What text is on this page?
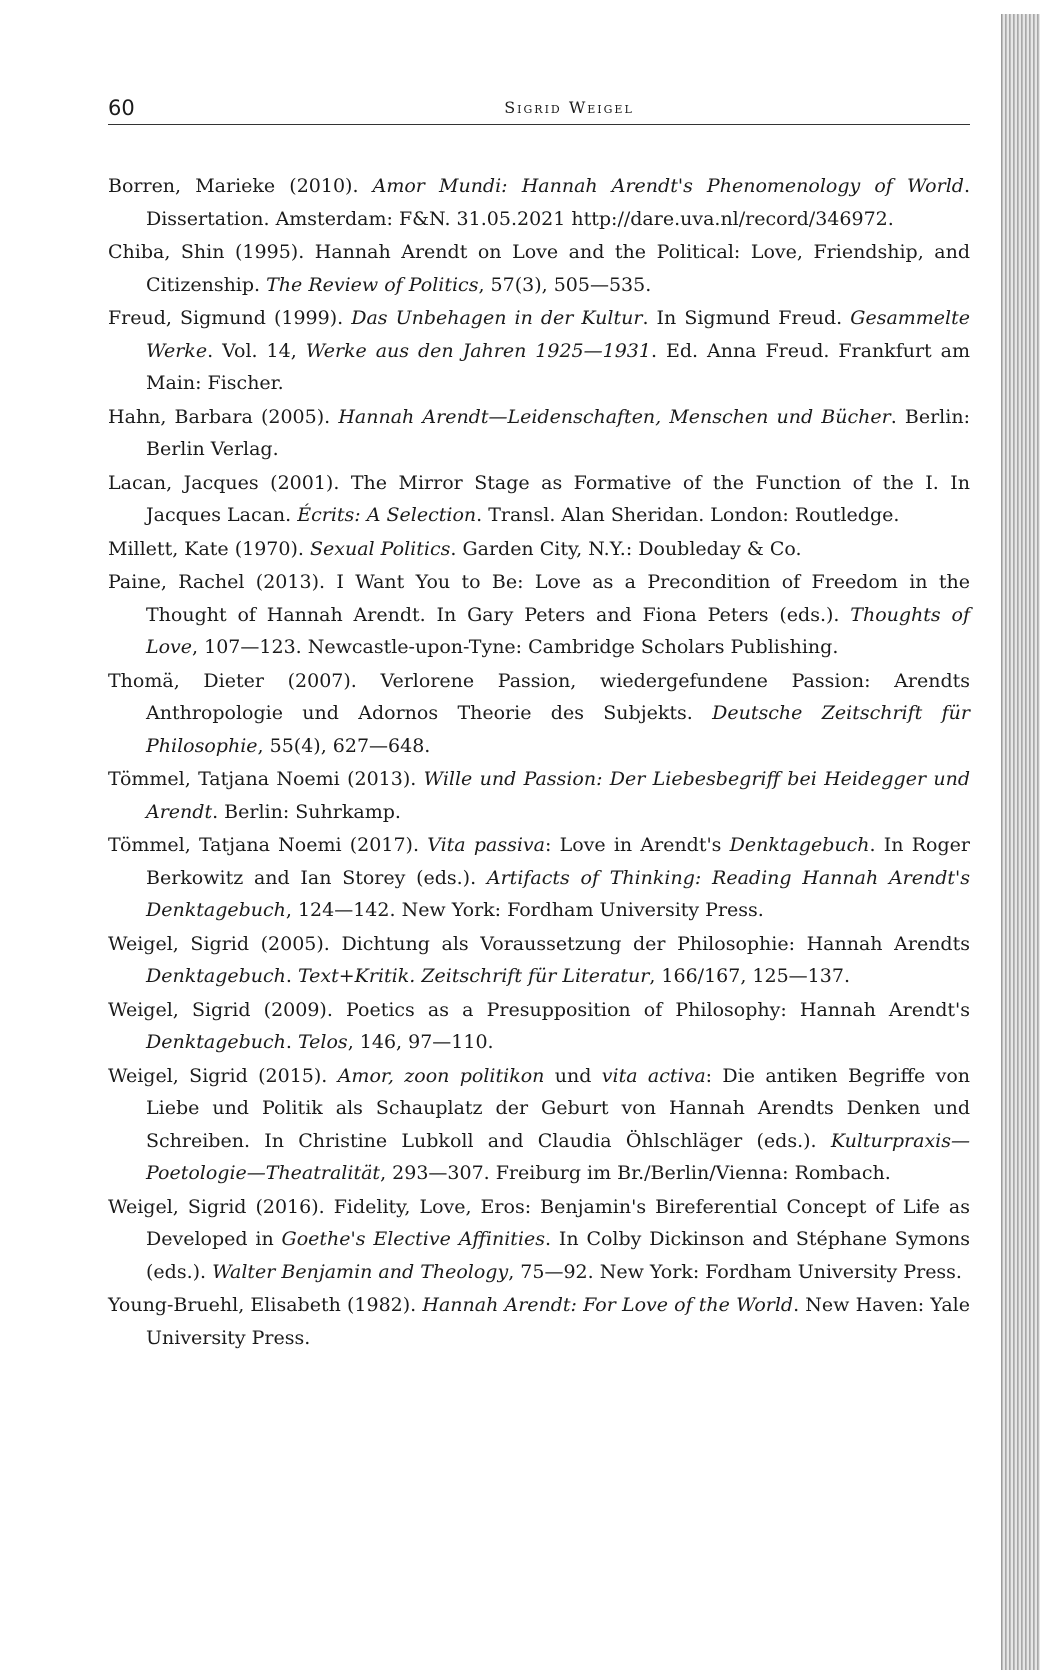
60	Sigrid Weigel

Borren, Marieke (2010). Amor Mundi: Hannah Arendt's Phenomenology of World. Dissertation. Amsterdam: F&N. 31.05.2021 http://dare.uva.nl/record/346972.

Chiba, Shin (1995). Hannah Arendt on Love and the Political: Love, Friendship, and Citizenship. The Review of Politics, 57(3), 505—535.

Freud, Sigmund (1999). Das Unbehagen in der Kultur. In Sigmund Freud. Gesammelte Werke. Vol. 14, Werke aus den Jahren 1925—1931. Ed. Anna Freud. Frankfurt am Main: Fischer.

Hahn, Barbara (2005). Hannah Arendt—Leidenschaften, Menschen und Bücher. Berlin: Berlin Verlag.

Lacan, Jacques (2001). The Mirror Stage as Formative of the Function of the I. In Jacques Lacan. Écrits: A Selection. Transl. Alan Sheridan. London: Routledge.

Millett, Kate (1970). Sexual Politics. Garden City, N.Y.: Doubleday & Co.

Paine, Rachel (2013). I Want You to Be: Love as a Precondition of Freedom in the Thought of Hannah Arendt. In Gary Peters and Fiona Peters (eds.). Thoughts of Love, 107—123. Newcastle-upon-Tyne: Cambridge Scholars Publishing.

Thomä, Dieter (2007). Verlorene Passion, wiedergefundene Passion: Arendts Anthropologie und Adornos Theorie des Subjekts. Deutsche Zeitschrift für Philosophie, 55(4), 627—648.

Tömmel, Tatjana Noemi (2013). Wille und Passion: Der Liebesbegriff bei Heidegger und Arendt. Berlin: Suhrkamp.

Tömmel, Tatjana Noemi (2017). Vita passiva: Love in Arendt's Denktagebuch. In Roger Berkowitz and Ian Storey (eds.). Artifacts of Thinking: Reading Hannah Arendt's Denktagebuch, 124—142. New York: Fordham University Press.

Weigel, Sigrid (2005). Dichtung als Voraussetzung der Philosophie: Hannah Arendts Denktagebuch. Text+Kritik. Zeitschrift für Literatur, 166/167, 125—137.

Weigel, Sigrid (2009). Poetics as a Presupposition of Philosophy: Hannah Arendt's Denktagebuch. Telos, 146, 97—110.

Weigel, Sigrid (2015). Amor, zoon politikon und vita activa: Die antiken Begriffe von Liebe und Politik als Schauplatz der Geburt von Hannah Arendts Denken und Schreiben. In Christine Lubkoll and Claudia Öhlschläger (eds.). Kulturpraxis—Poetologie—Theatralität, 293—307. Freiburg im Br./Berlin/Vienna: Rombach.

Weigel, Sigrid (2016). Fidelity, Love, Eros: Benjamin's Bireferential Concept of Life as Developed in Goethe's Elective Affinities. In Colby Dickinson and Stéphane Symons (eds.). Walter Benjamin and Theology, 75—92. New York: Fordham University Press.

Young-Bruehl, Elisabeth (1982). Hannah Arendt: For Love of the World. New Haven: Yale University Press.
